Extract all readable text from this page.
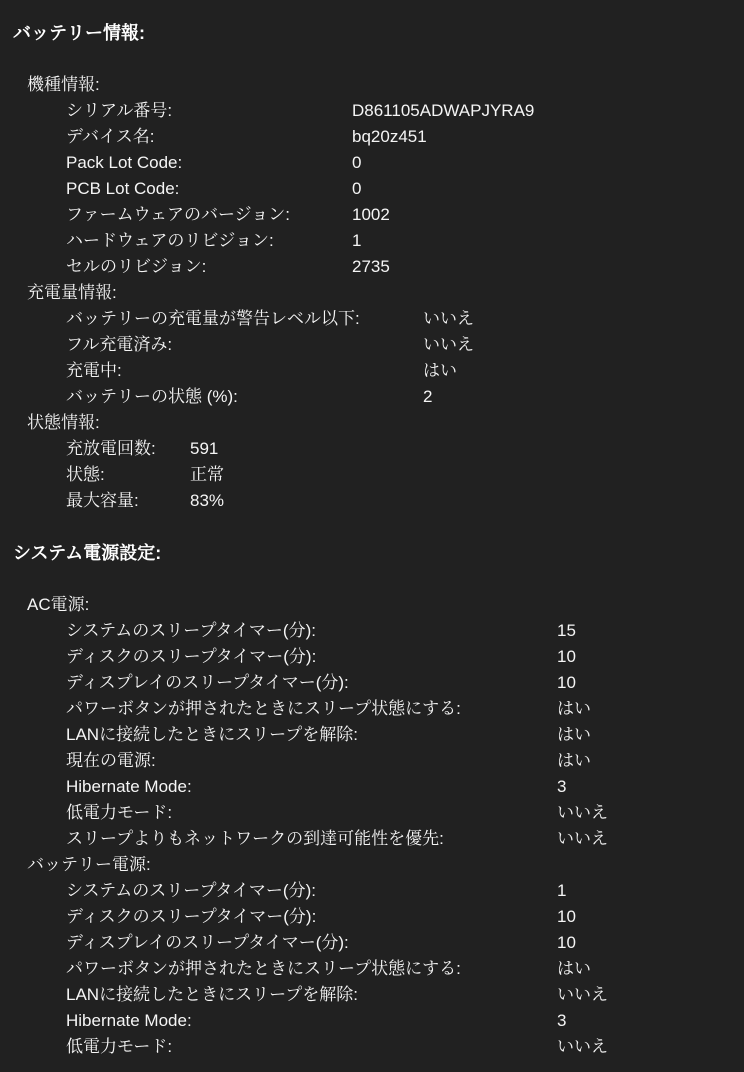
バッテリー情報:
機種情報:
シリアル番号:	D861105ADWAPJYRA9
デバイス名:	bq20z451
Pack Lot Code:	0
PCB Lot Code:	0
ファームウェアのバージョン:	1002
ハードウェアのリビジョン:	1
セルのリビジョン:	2735
充電量情報:
バッテリーの充電量が警告レベル以下:	いいえ
フル充電済み:	いいえ
充電中:	はい
バッテリーの状態 (%):	2
状態情報:
充放電回数: 591
状態:	正常
最大容量:	83%
システム電源設定:
AC電源:
システムのスリープタイマー(分):	15
ディスクのスリープタイマー(分):	10
ディスプレイのスリープタイマー(分):	10
パワーボタンが押されたときにスリープ状態にする:	はい
LANに接続したときにスリープを解除:	はい
現在の電源:	はい
Hibernate Mode:	3
低電力モード:	いいえ
スリープよりもネットワークの到達可能性を優先:	いいえ
バッテリー電源:
システムのスリープタイマー(分):	1
ディスクのスリープタイマー(分):	10
ディスプレイのスリープタイマー(分):	10
パワーボタンが押されたときにスリープ状態にする:	はい
LANに接続したときにスリープを解除:	いいえ
Hibernate Mode:	3
低電力モード:	いいえ
